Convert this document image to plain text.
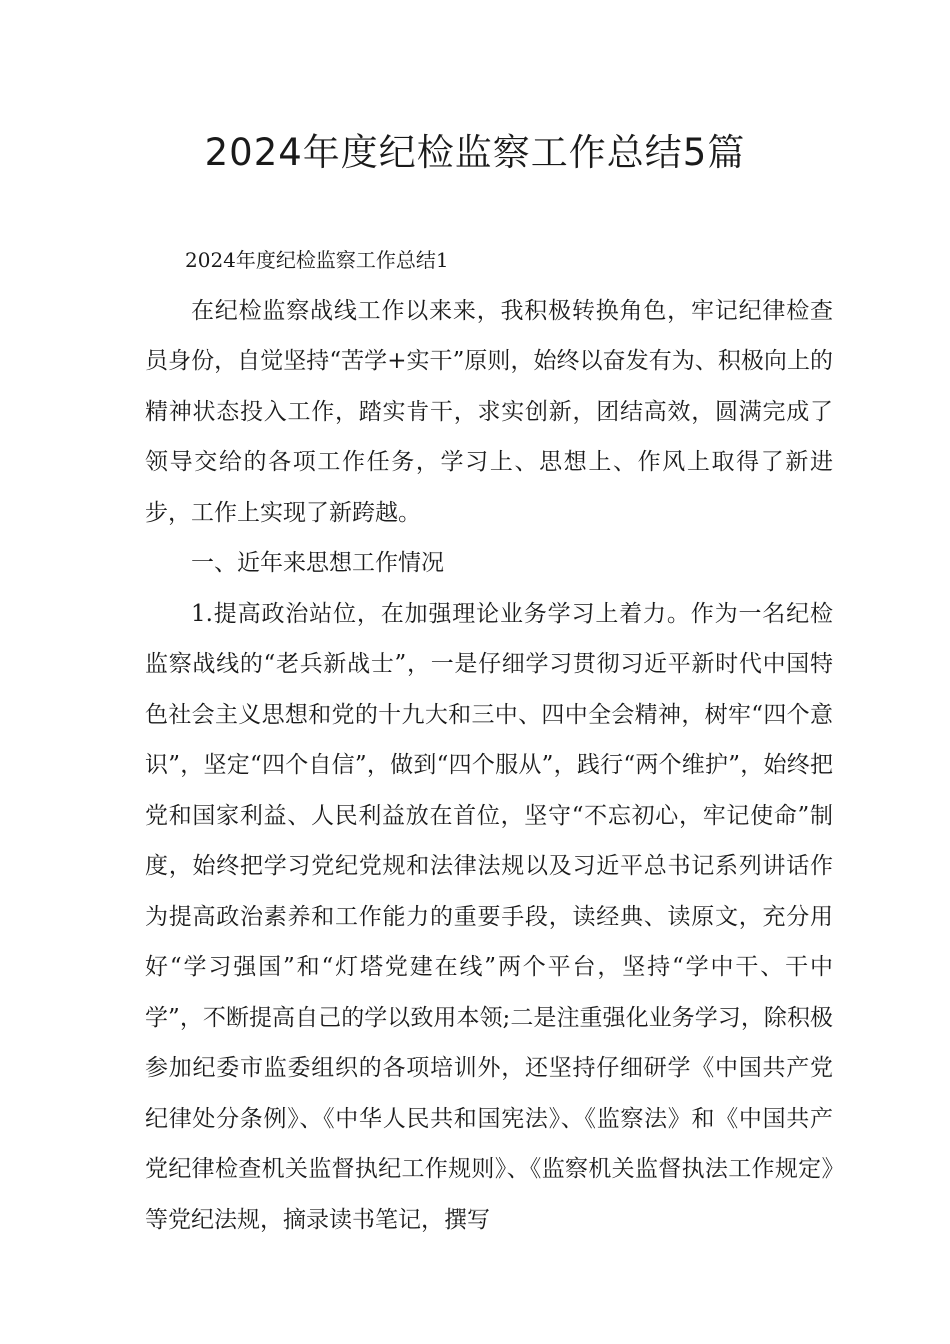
2024年度纪检监察工作总结5篇

2024年度纪检监察工作总结1

在纪检监察战线工作以来来，我积极转换角色，牢记纪律检查员身份，自觉坚持“苦学+实干”原则，始终以奋发有为、积极向上的精神状态投入工作，踏实肯干，求实创新，团结高效，圆满完成了领导交给的各项工作任务，学习上、思想上、作风上取得了新进步，工作上实现了新跨越。

一、近年来思想工作情况

1.提高政治站位，在加强理论业务学习上着力。作为一名纪检监察战线的“老兵新战士”，一是仔细学习贯彻习近平新时代中国特色社会主义思想和党的十九大和三中、四中全会精神，树牢“四个意识”，坚定“四个自信”，做到“四个服从”，践行“两个维护”，始终把党和国家利益、人民利益放在首位，坚守“不忘初心，牢记使命”制度，始终把学习党纪党规和法律法规以及习近平总书记系列讲话作为提高政治素养和工作能力的重要手段，读经典、读原文，充分用好“学习强国”和“灯塔党建在线”两个平台，坚持“学中干、干中学”，不断提高自己的学以致用本领;二是注重强化业务学习，除积极参加纪委市监委组织的各项培训外，还坚持仔细研学《中国共产党纪律处分条例》、《中华人民共和国宪法》、《监察法》和《中国共产党纪律检查机关监督执纪工作规则》、《监察机关监督执法工作规定》等党纪法规，摘录读书笔记，撰写
